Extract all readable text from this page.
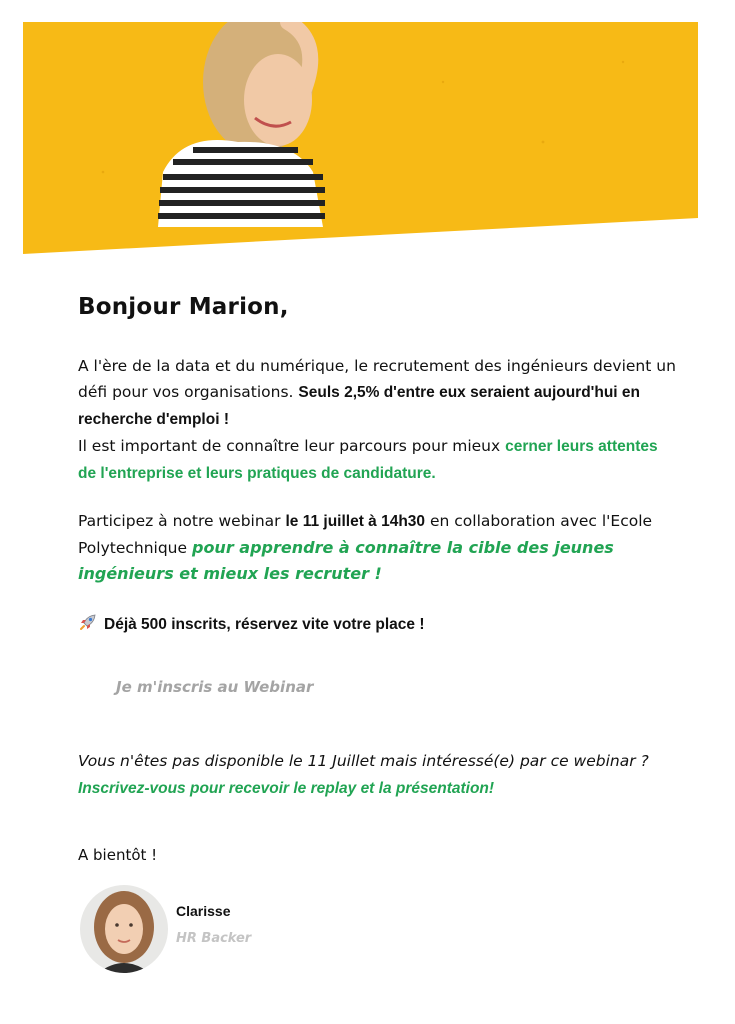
Bonjour Marion,
A l'ère de la data et du numérique, le recrutement des ingénieurs devient un défi pour vos organisations. Seuls 2,5% d'entre eux seraient aujourd'hui en recherche d'emploi !
Il est important de connaître leur parcours pour mieux cerner leurs attentes de l'entreprise et leurs pratiques de candidature.
Participez à notre webinar le 11 juillet à 14h30 en collaboration avec l'Ecole Polytechnique pour apprendre à connaître la cible des jeunes ingénieurs et mieux les recruter !
Déjà 500 inscrits, réservez vite votre place !
Je m'inscris au Webinar
Vous n'êtes pas disponible le 11 Juillet mais intéressé(e) par ce webinar ?
Inscrivez-vous pour recevoir le replay et la présentation!
A bientôt !
Clarisse
HR Backer
